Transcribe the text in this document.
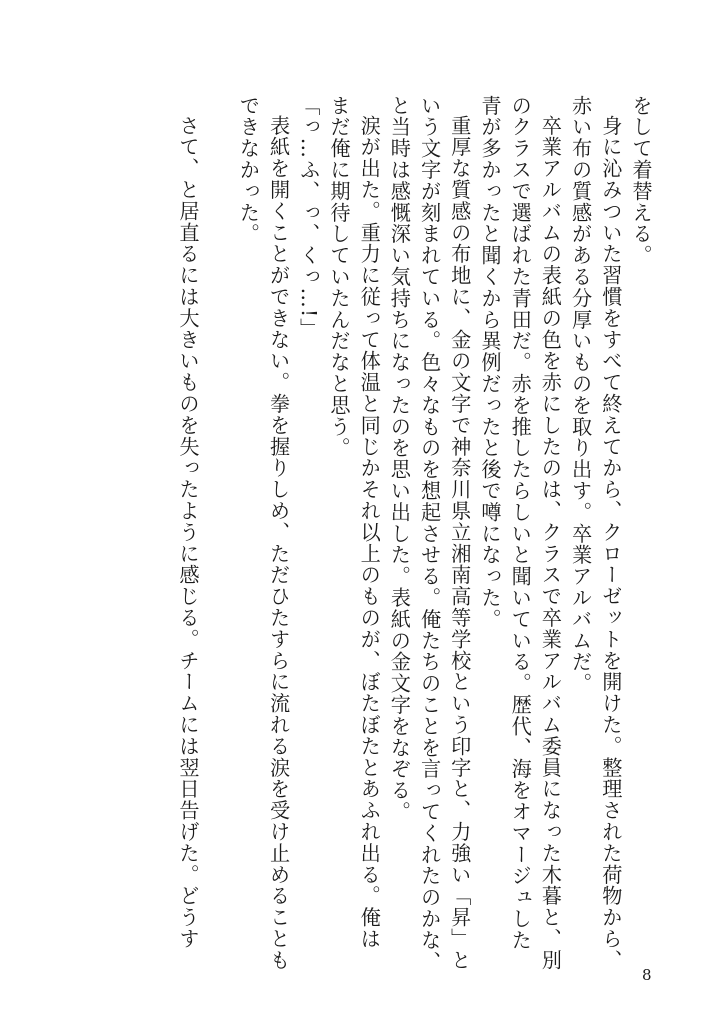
をして着替える。
身に沁みついた習慣をすべて終えてから、クローゼットを開けた。整理された荷物から、
赤い布の質感がある分厚いものを取り出す。卒業アルバムだ。
卒業アルバムの表紙の色を赤にしたのは、クラスで卒業アルバム委員になった木暮と、別
のクラスで選ばれた青田だ。赤を推したらしいと聞いている。歴代、海をオマージュした
青が多かったと聞くから異例だったと後で噂になった。
重厚な質感の布地に、金の文字で神奈川県立湘南高等学校という印字と、力強い「昇」と
いう文字が刻まれている。色々なものを想起させる。俺たちのことを言ってくれたのかな、
と当時は感慨深い気持ちになったのを思い出した。表紙の金文字をなぞる。
涙が出た。重力に従って体温と同じかそれ以上のものが、ぼたぼたとあふれ出る。俺は
まだ俺に期待していたんだなと思う。
「っ…ふ、っ、くっ…!」
表紙を開くことができない。拳を握りしめ、ただひたすらに流れる涙を受け止めることも
できなかった。
さて、と居直るには大きいものを失ったように感じる。チームには翌日告げた。どうす
8
